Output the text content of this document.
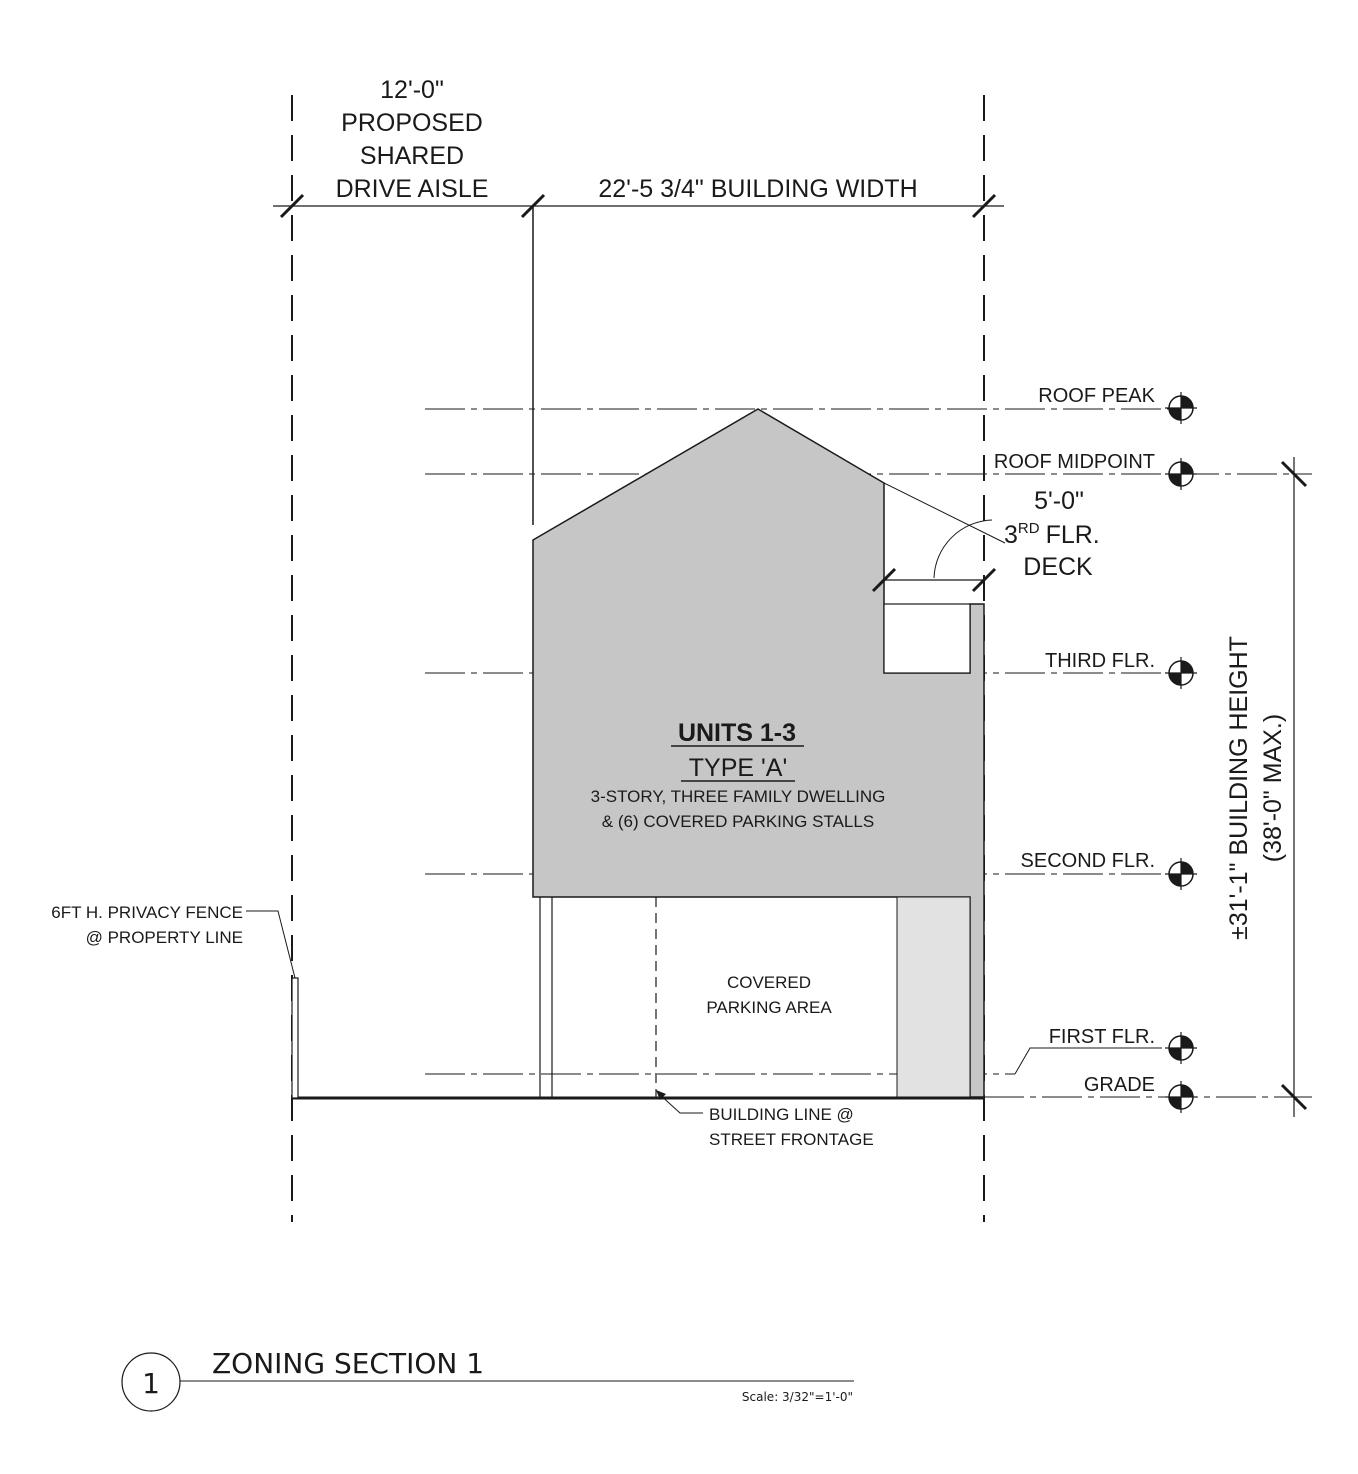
12'-0"
PROPOSED
SHARED
DRIVE AISLE	22'-5 3/4" BUILDING WIDTH
ROOF PEAK
ROOF MIDPOINT
THIRD FLR.
SECOND FLR.
FIRST FLR.
GRADE
5'-0"
3RD FLR.
DECK
±31'-1" BUILDING HEIGHT (38'-0" MAX.)
UNITS 1-3
TYPE 'A'
3-STORY, THREE FAMILY DWELLING
& (6) COVERED PARKING STALLS
COVERED
PARKING AREA
6FT H. PRIVACY FENCE
@ PROPERTY LINE
BUILDING LINE @
STREET FRONTAGE
1
ZONING SECTION 1
Scale: 3/32"=1'-0"
